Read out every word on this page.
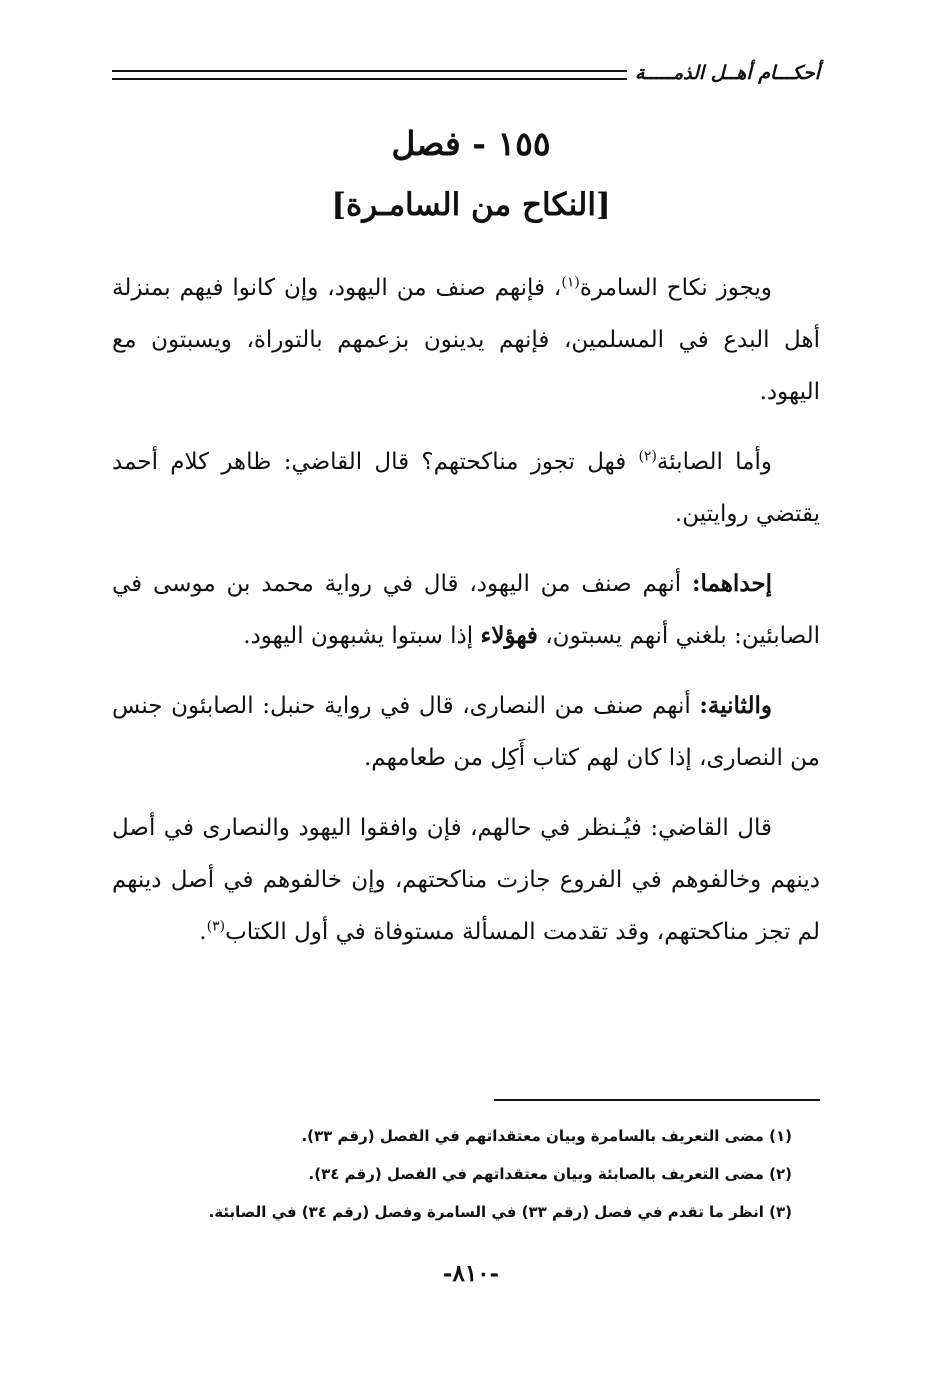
أحكـــام أهــل الذمـــــة
١٥٥ - فصل
[النكاح من السامـرة]

ويجوز نكاح السامرة$^{(١)}$، فإنهم صنف من اليهود، وإن كانوا فيهم بمنزلة أهل البدع في المسلمين، فإنهم يدينون بزعمهم بالتوراة، ويسبتون مع اليهود.

وأما الصابئة$^{(٢)}$ فهل تجوز مناكحتهم؟ قال القاضي: ظاهر كلام أحمد يقتضي روايتين.

إحداهما: أنهم صنف من اليهود، قال في رواية محمد بن موسى في الصابئين: بلغني أنهم يسبتون، فهؤلاء إذا سبتوا يشبهون اليهود.

والثانية: أنهم صنف من النصارى، قال في رواية حنبل: الصابئون جنس من النصارى، إذا كان لهم كتاب أَكِل من طعامهم.

قال القاضي: فيُـنظر في حالهم، فإن وافقوا اليهود والنصارى في أصل دينهم وخالفوهم في الفروع جازت مناكحتهم، وإن خالفوهم في أصل دينهم لم تجز مناكحتهم، وقد تقدمت المسألة مستوفاة في أول الكتاب$^{(٣)}$.

(١) مضى التعريف بالسامرة وبيان معتقداتهم في الفصل (رقم ٣٣).

(٢) مضى التعريف بالصابئة وبيان معتقداتهم في الفصل (رقم ٣٤).

(٣) انظر ما تقدم في فصل (رقم ٣٣) في السامرة وفصل (رقم ٣٤) في الصابئة.

-٨١٠-
